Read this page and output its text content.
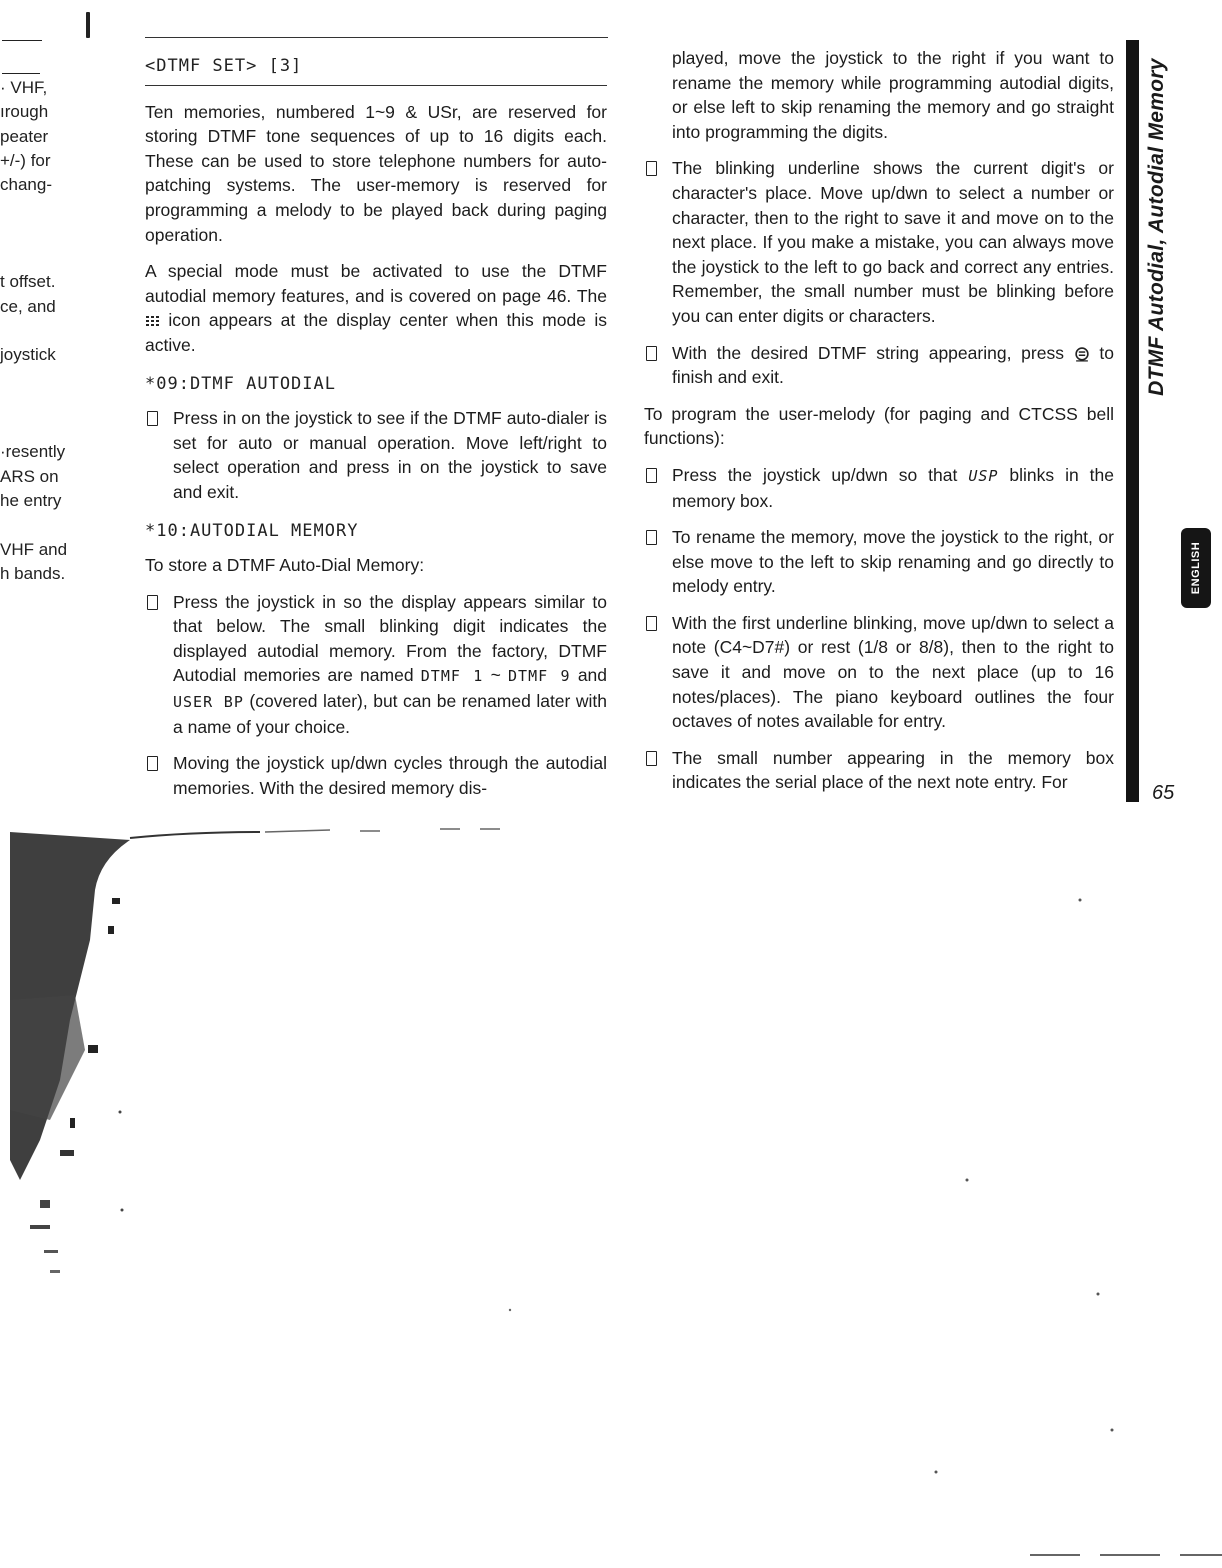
· VHF,

ırough

peater

+/-) for

chang-

t offset.

ce, and

joystick

·resently

ARS on

he entry

VHF and

h bands.

<DTMF SET> [3]

Ten memories, numbered 1~9 & USr, are reserved for storing DTMF tone sequences of up to 16 digits each. These can be used to store telephone numbers for auto-patching systems. The user-memory is reserved for programming a melody to be played back during paging operation.

A special mode must be activated to use the DTMF autodial memory features, and is covered on page 46. The  icon appears at the display center when this mode is active.

*09:DTMF AUTODIAL
Press in on the joystick to see if the DTMF auto-dialer is set for auto or manual operation. Move left/right to select operation and press in on the joystick to save and exit.
*10:AUTODIAL MEMORY

To store a DTMF Auto-Dial Memory:

Press the joystick in so the display appears similar to that below. The small blinking digit indicates the displayed autodial memory. From the factory, DTMF Autodial memories are named DTMF 1 ~ DTMF 9 and USER BP (covered later), but can be renamed later with a name of your choice.
Moving the joystick up/dwn cycles through the autodial memories. With the desired memory dis-
played, move the joystick to the right if you want to rename the memory while programming autodial digits, or else left to skip renaming the memory and go straight into programming the digits.
The blinking underline shows the current digit's or character's place. Move up/dwn to select a number or character, then to the right to save it and move on to the next place. If you make a mistake, you can always move the joystick to the left to go back and correct any entries. Remember, the small number must be blinking before you can enter digits or characters.
With the desired DTMF string appearing, press  to finish and exit.

To program the user-melody (for paging and CTCSS bell functions):

Press the joystick up/dwn so that USP blinks in the memory box.
To rename the memory, move the joystick to the right, or else move to the left to skip renaming and go directly to melody entry.
With the first underline blinking, move up/dwn to select a note (C4~D7#) or rest (1/8 or 8/8), then to the right to save it and move on to the next place (up to 16 notes/places). The piano keyboard outlines the four octaves of notes available for entry.
The small number appearing in the memory box indicates the serial place of the next note entry. For
DTMF Autodial, Autodial Memory
ENGLISH
65
